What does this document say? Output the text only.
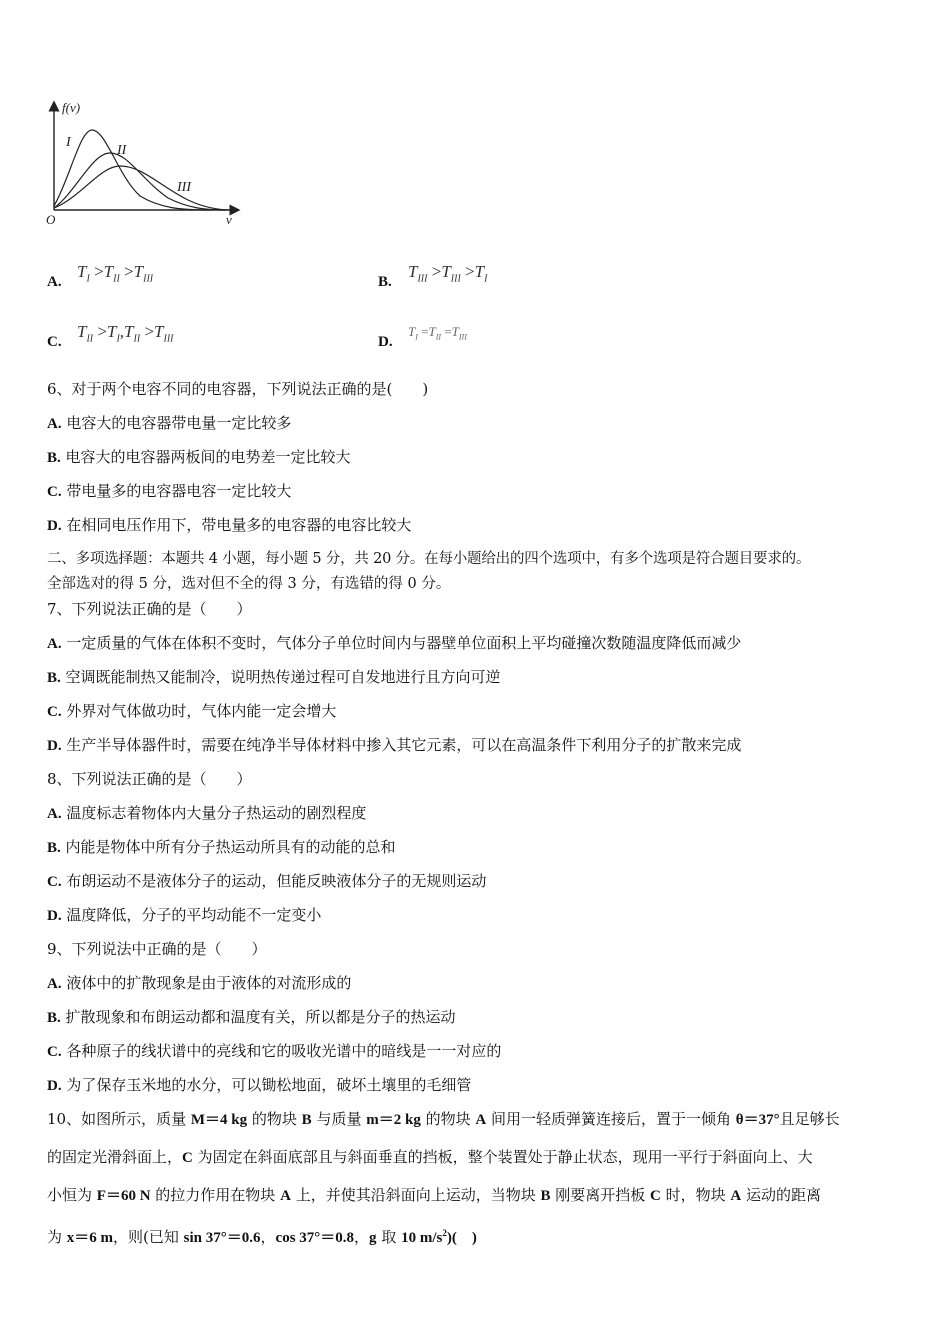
f(v)
v
O
I
II
III
A.
$T_I >T_{II} >T_{III}$	B.
$T_{III} >T_{III} >T_I$
C.
$T_{II} >T_I,T_{II} >T_{III}$	D.
$T_I =T_{II} =T_{III}$
6、对于两个电容不同的电容器，下列说法正确的是(　　)
A. 电容大的电容器带电量一定比较多
B. 电容大的电容器两板间的电势差一定比较大
C. 带电量多的电容器电容一定比较大
D. 在相同电压作用下，带电量多的电容器的电容比较大
二、多项选择题：本题共 4 小题，每小题 5 分，共 20 分。在每小题给出的四个选项中，有多个选项是符合题目要求的。
全部选对的得 5 分，选对但不全的得 3 分，有选错的得 0 分。
7、下列说法正确的是（　　）
A. 一定质量的气体在体积不变时，气体分子单位时间内与器壁单位面积上平均碰撞次数随温度降低而减少
B. 空调既能制热又能制冷，说明热传递过程可自发地进行且方向可逆
C. 外界对气体做功时，气体内能一定会增大
D. 生产半导体器件时，需要在纯净半导体材料中掺入其它元素，可以在高温条件下利用分子的扩散来完成
8、下列说法正确的是（　　）
A. 温度标志着物体内大量分子热运动的剧烈程度
B. 内能是物体中所有分子热运动所具有的动能的总和
C. 布朗运动不是液体分子的运动，但能反映液体分子的无规则运动
D. 温度降低，分子的平均动能不一定变小
9、下列说法中正确的是（　　）
A. 液体中的扩散现象是由于液体的对流形成的
B. 扩散现象和布朗运动都和温度有关，所以都是分子的热运动
C. 各种原子的线状谱中的亮线和它的吸收光谱中的暗线是一一对应的
D. 为了保存玉米地的水分，可以锄松地面，破坏土壤里的毛细管
10、如图所示，质量 M＝4 kg 的物块 B 与质量 m＝2 kg 的物块 A 间用一轻质弹簧连接后，置于一倾角 θ＝37°且足够长
的固定光滑斜面上，C 为固定在斜面底部且与斜面垂直的挡板，整个装置处于静止状态，现用一平行于斜面向上、大
小恒为 F＝60 N 的拉力作用在物块 A 上，并使其沿斜面向上运动，当物块 B 刚要离开挡板 C 时，物块 A 运动的距离
为 x＝6 m，则(已知 sin 37°＝0.6，cos 37°＝0.8，g 取 10 $m/s^2$)(　)
